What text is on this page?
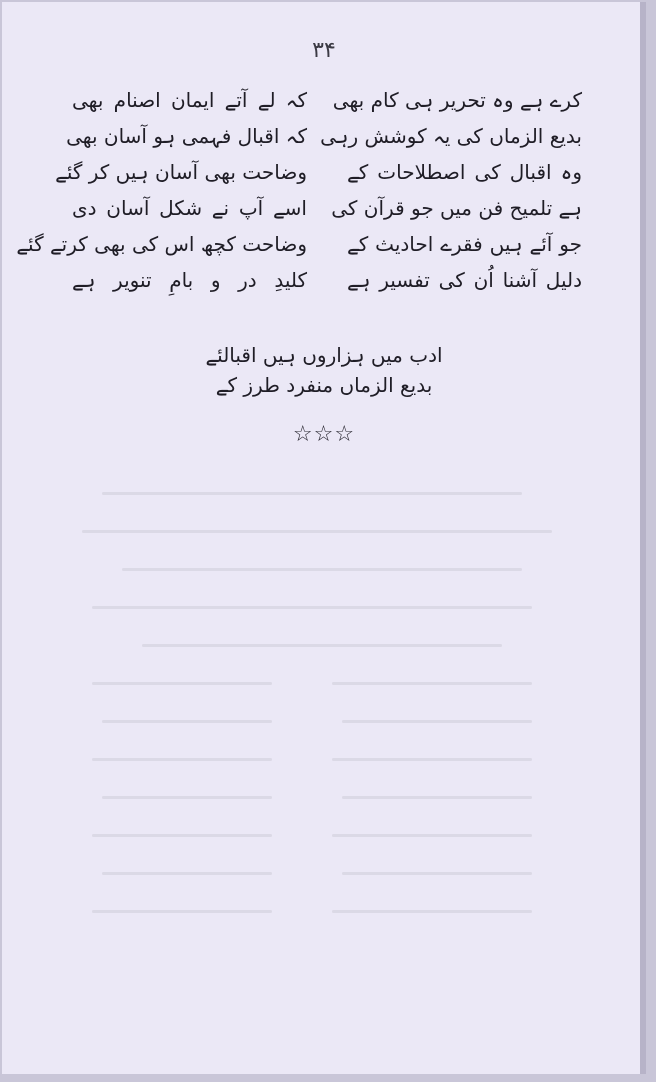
۳۴
کرے ہے وہ تحریر ہی کام بھی
کہ لے آتے ایمان اصنام بھی
بدیع الزماں کی یہ کوشش رہی
کہ اقبال فہمی ہو آسان بھی
وہ اقبال کی اصطلاحات کے
وضاحت بھی آسان ہیں کر گئے
ہے تلمیح فن میں جو قرآن کی
اسے آپ نے شکل آسان دی
جو آئے ہیں فقرے احادیث کے
وضاحت کچھ اس کی بھی کرتے گئے
دلیل آشنا اُن کی تفسیر ہے
کلیدِ در و بامِ تنویر ہے
ادب میں ہزاروں ہیں اقبالئے
بدیع الزماں منفرد طرز کے
☆☆☆
